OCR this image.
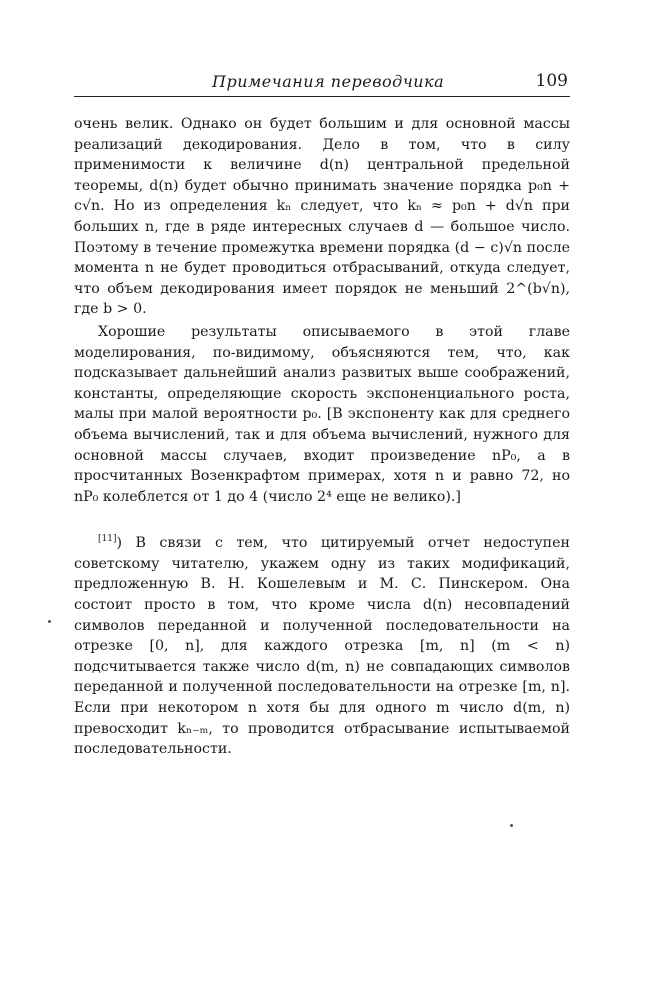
Примечания переводчика	109

очень велик. Однако он будет большим и для основной массы реализаций декодирования. Дело в том, что в силу применимости к величине d(n) центральной предельной теоремы, d(n) будет обычно принимать значение порядка p₀n + c√n. Но из определения kₙ следует, что kₙ ≈ p₀n + d√n при больших n, где в ряде интересных случаев d — большое число. Поэтому в течение промежутка времени порядка (d − c)√n после момента n не будет проводиться отбрасываний, откуда следует, что объем декодирования имеет порядок не меньший 2^(b√n), где b > 0.

Хорошие результаты описываемого в этой главе моделирования, по-видимому, объясняются тем, что, как подсказывает дальнейший анализ развитых выше соображений, константы, определяющие скорость экспоненциального роста, малы при малой вероятности p₀. [В экспоненту как для среднего объема вычислений, так и для объема вычислений, нужного для основной массы случаев, входит произведение nP₀, а в просчитанных Возенкрафтом примерах, хотя n и равно 72, но nP₀ колеблется от 1 до 4 (число 2⁴ еще не велико).]

[11]) В связи с тем, что цитируемый отчет недоступен советскому читателю, укажем одну из таких модификаций, предложенную В. Н. Кошелевым и М. С. Пинскером. Она состоит просто в том, что кроме числа d(n) несовпадений символов переданной и полученной последовательности на отрезке [0, n], для каждого отрезка [m, n] (m < n) подсчитывается также число d(m, n) не совпадающих символов переданной и полученной последовательности на отрезке [m, n]. Если при некотором n хотя бы для одного m число d(m, n) превосходит kₙ₋ₘ, то проводится отбрасывание испытываемой последовательности.
